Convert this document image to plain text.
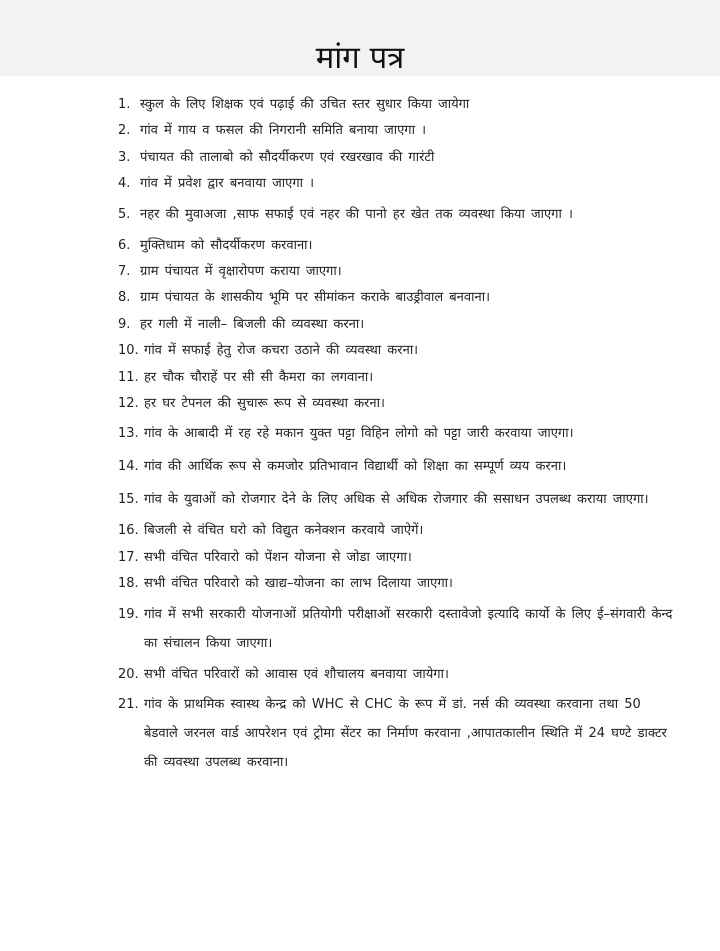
मांग पत्र
1. स्कुल के लिए शिक्षक एवं पढ़ाई की उचित स्तर सुधार किया जायेगा
2. गांव में गाय व फसल की निगरानी समिति बनाया जाएगा ।
3. पंचायत की तालाबो को सौदर्यीकरण एवं रखरखाव की गारंटी
4. गांव में प्रवेश द्वार बनवाया जाएगा ।
5. नहर की मुवाअजा ,साफ सफाई एवं नहर की पानो हर खेत तक व्यवस्था किया जाएगा ।
6. मुक्तिधाम को सौदर्यीकरण करवाना।
7. ग्राम पंचायत में वृक्षारोपण कराया जाएगा।
8. ग्राम पंचायत के शासकीय भूमि पर सीमांकन कराके बाउड्रीवाल बनवाना।
9. हर गली में नाली– बिजली की व्यवस्था करना।
10. गांव में सफाई हेतु रोज कचरा उठाने की व्यवस्था करना।
11. हर चौक चौराहें पर सी सी कैमरा का लगवाना।
12. हर घर टेपनल की सुचारू रूप से व्यवस्था करना।
13. गांव के आबादी में रह रहे मकान युक्त पट्टा विहिन लोगो को पट्टा जारी करवाया जाएगा।
14. गांव की आर्थिक रूप से कमजोर प्रतिभावान विद्यार्थी को शिक्षा का सम्पूर्ण व्यय करना।
15. गांव के युवाओं को रोजगार देने के लिए अधिक से अधिक रोजगार की ससाधन उपलब्ध कराया जाएगा।
16. बिजली से वंचित घरो को विद्युत कनेक्शन करवाये जाऐगें।
17. सभी वंचित परिवारो को पेंशन योजना से जोडा जाएगा।
18. सभी वंचित परिवारो को खाद्य–योजना का लाभ दिलाया जाएगा।
19. गांव में सभी सरकारी योजनाओं प्रतियोगी परीक्षाओं सरकारी दस्तावेजो इत्यादि कार्यो के लिए ई–संगवारी केन्द का संचालन किया जाएगा।
20. सभी वंचित परिवारों को आवास एवं शौचालय बनवाया जायेगा।
21. गांव के प्राथमिक स्वास्थ केन्द्र को WHC से CHC के रूप में डां. नर्स की व्यवस्था करवाना तथा 50 बेडवाले जरनल वार्ड आपरेशन एवं ट्रोमा सेंटर का निर्माण करवाना ,आपातकालीन स्थिति में 24 घण्टे डाक्टर की व्यवस्था उपलब्ध करवाना।
